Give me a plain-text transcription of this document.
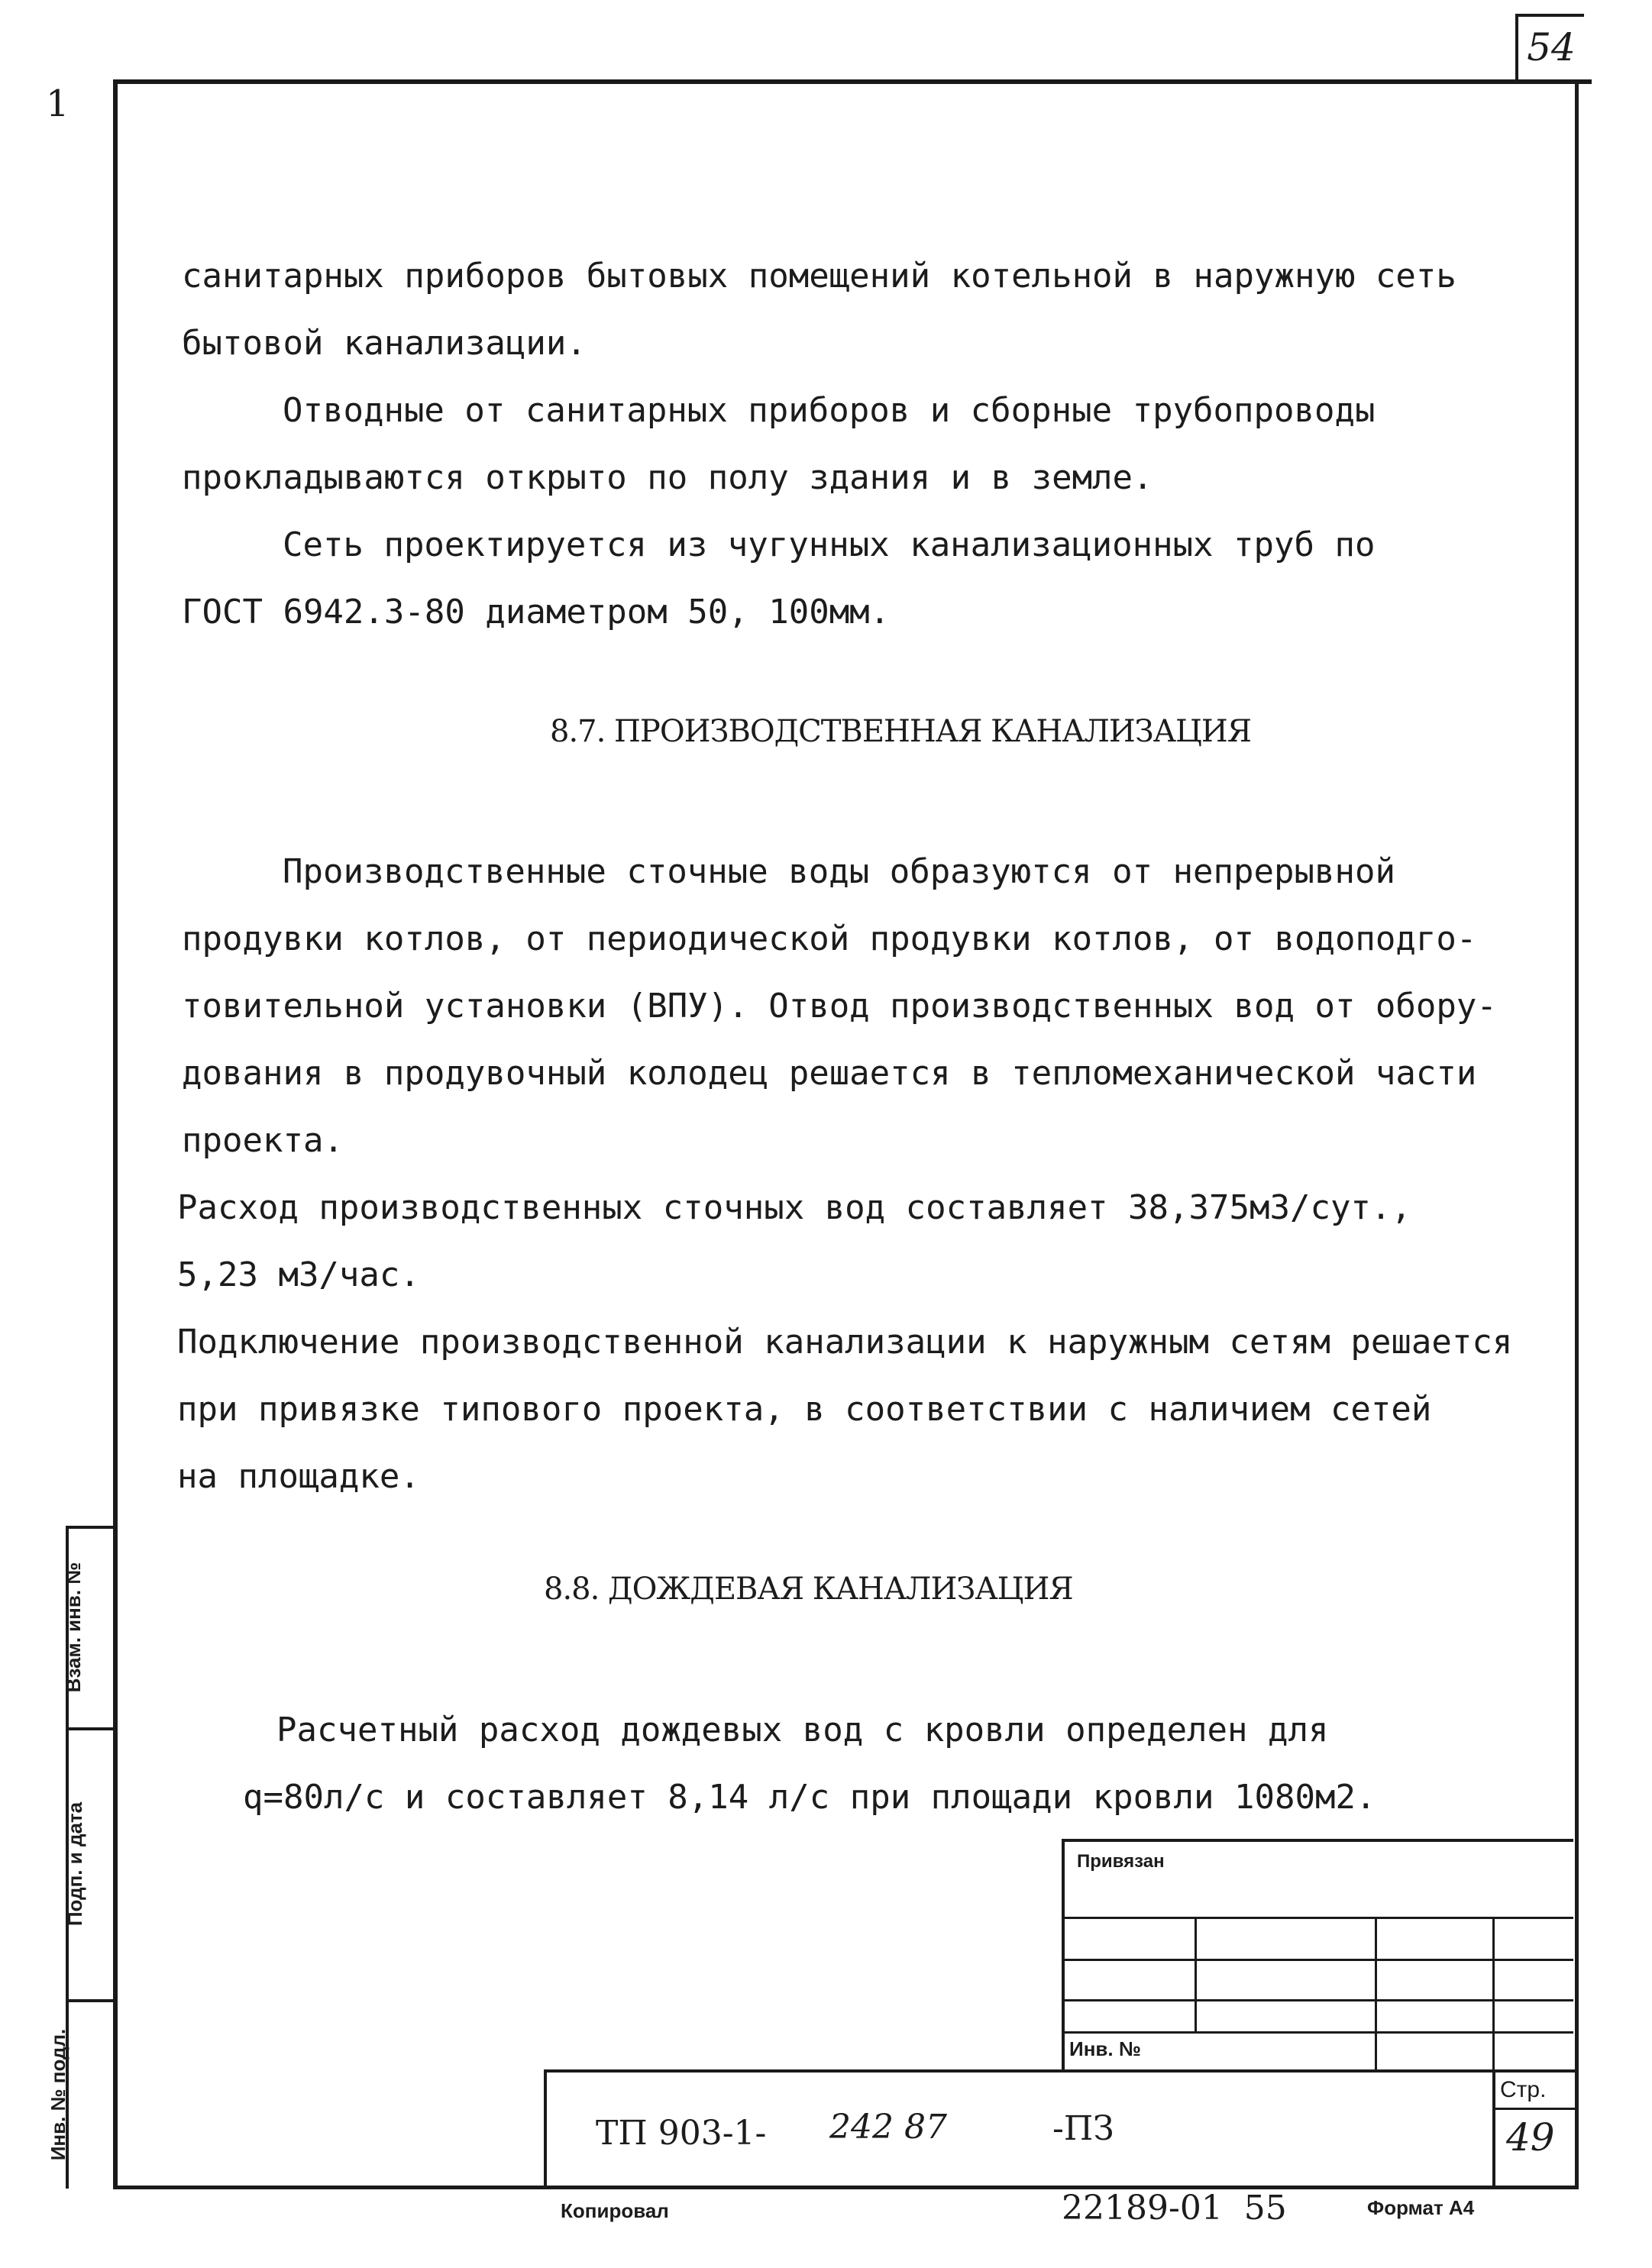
54
1
санитарных приборов бытовых помещений котельной в наружную сеть
бытовой канализации.
Отводные от санитарных приборов и сборные трубопроводы
прокладываются открыто по полу здания и в земле.
Сеть проектируется из чугунных канализационных труб по
ГОСТ 6942.3-80 диаметром 50, 100мм.
8.7. ПРОИЗВОДСТВЕННАЯ КАНАЛИЗАЦИЯ
Производственные сточные воды образуются от непрерывной
продувки котлов, от периодической продувки котлов, от водоподго-
товительной установки (ВПУ). Отвод производственных вод от обору-
дования в продувочный колодец решается в тепломеханической части
проекта.
Расход производственных сточных вод составляет 38,375м3/сут.,
5,23 м3/час.
Подключение производственной канализации к наружным сетям решается
при привязке типового проекта, в соответствии с наличием сетей
на площадке.
8.8. ДОЖДЕВАЯ КАНАЛИЗАЦИЯ
Расчетный расход дождевых вод с кровли определен для
q=80л/с и составляет 8,14 л/с при площади кровли 1080м2.
Взам. инв. №
Подп. и дата
Инв. № подл.
Привязан
Инв. №
ТП 903-1- 242 87	-ПЗ
Стр.
49
Копировал	22189-01  55	Формат А4
